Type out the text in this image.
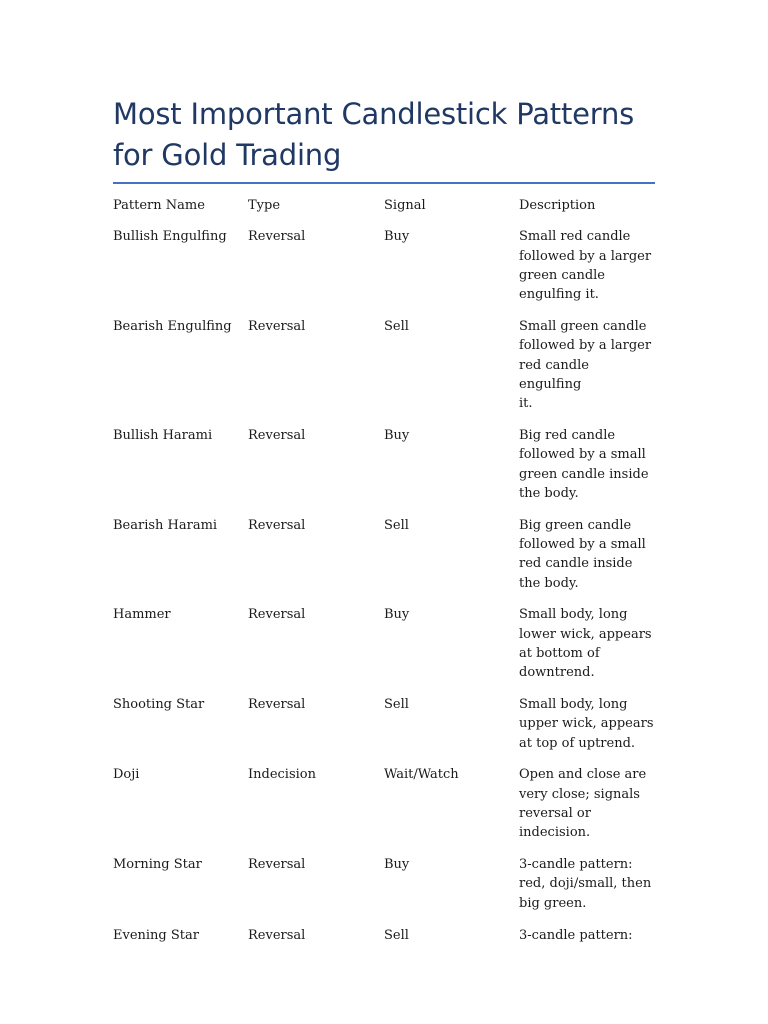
Most Important Candlestick Patterns for Gold Trading
Pattern Name	Type	Signal	Description
Bullish Engulfing	Reversal	Buy	Small red candle
followed by a larger
green candle
engulfing it.

Bearish Engulfing	Reversal	Sell	Small green candle
followed by a larger
red candle engulfing
it.

Bullish Harami	Reversal	Buy	Big red candle
followed by a small
green candle inside
the body.

Bearish Harami	Reversal	Sell	Big green candle
followed by a small
red candle inside
the body.

Hammer	Reversal	Buy	Small body, long
lower wick, appears
at bottom of
downtrend.

Shooting Star	Reversal	Sell	Small body, long
upper wick, appears
at top of uptrend.

Doji	Indecision	Wait/Watch	Open and close are
very close; signals
reversal or
indecision.

Morning Star	Reversal	Buy	3-candle pattern:
red, doji/small, then
big green.

Evening Star	Reversal	Sell	3-candle pattern:
